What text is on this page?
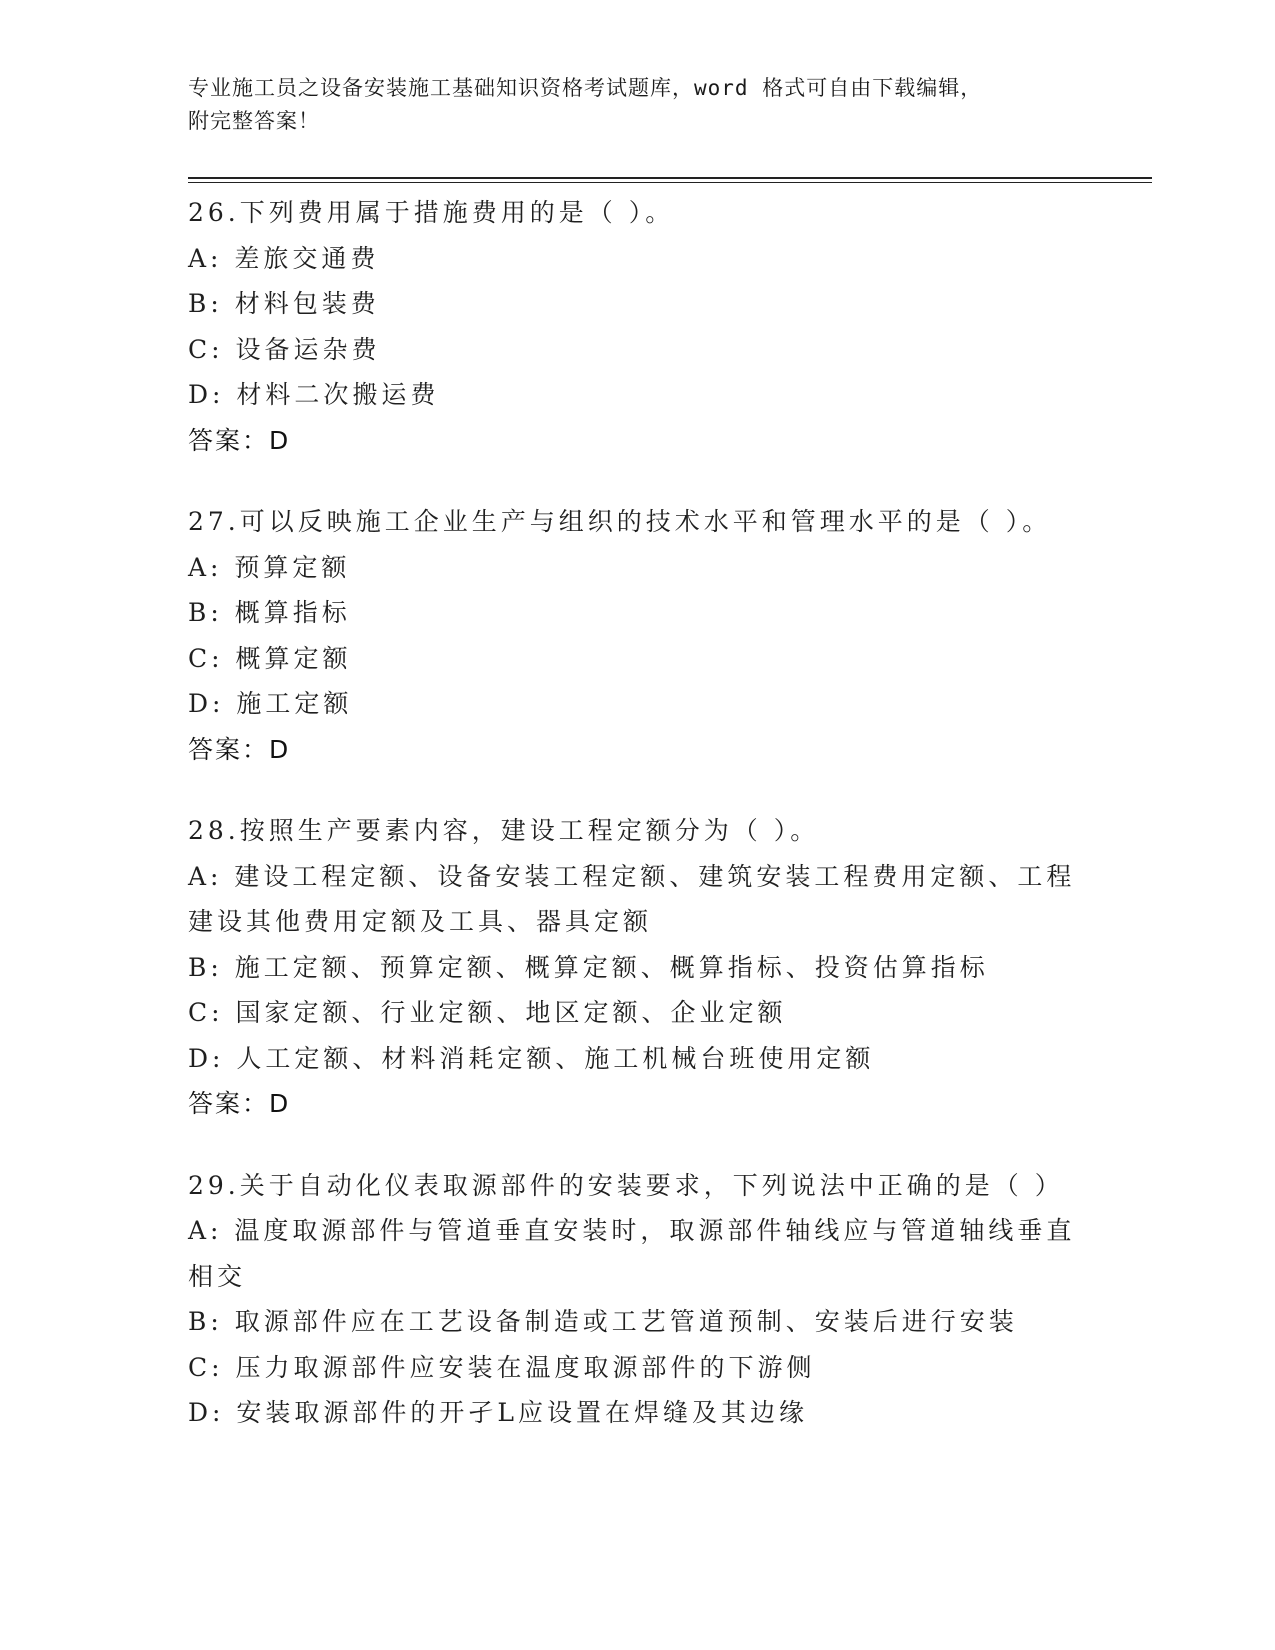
专业施工员之设备安装施工基础知识资格考试题库，word 格式可自由下载编辑，
附完整答案！
26.下列费用属于措施费用的是（ ）。
A: 差旅交通费
B: 材料包装费
C: 设备运杂费
D: 材料二次搬运费
答案：D
27.可以反映施工企业生产与组织的技术水平和管理水平的是（ ）。
A: 预算定额
B: 概算指标
C: 概算定额
D: 施工定额
答案：D
28.按照生产要素内容，建设工程定额分为（ ）。
A: 建设工程定额、设备安装工程定额、建筑安装工程费用定额、工程建设其他费用定额及工具、器具定额
B: 施工定额、预算定额、概算定额、概算指标、投资估算指标
C: 国家定额、行业定额、地区定额、企业定额
D: 人工定额、材料消耗定额、施工机械台班使用定额
答案：D
29.关于自动化仪表取源部件的安装要求，下列说法中正确的是（ ）
A: 温度取源部件与管道垂直安装时，取源部件轴线应与管道轴线垂直相交
B: 取源部件应在工艺设备制造或工艺管道预制、安装后进行安装
C: 压力取源部件应安装在温度取源部件的下游侧
D: 安装取源部件的开孑L应设置在焊缝及其边缘
